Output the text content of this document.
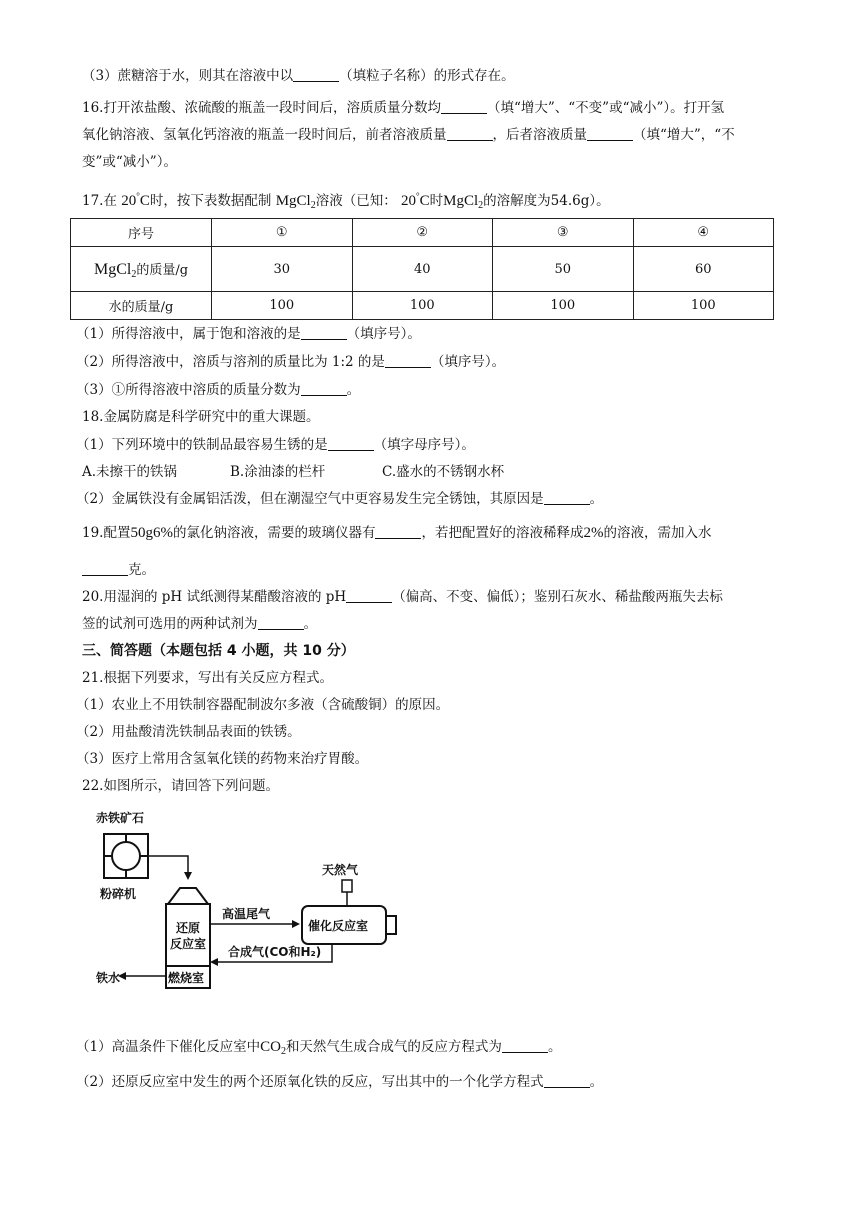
（3）蔗糖溶于水，则其在溶液中以	（填粒子名称）的形式存在。
16.打开浓盐酸、浓硫酸的瓶盖一段时间后，溶质质量分数均	（填“增大”、“不变”或“减小”）。打开氢
氧化钠溶液、氢氧化钙溶液的瓶盖一段时间后，前者溶液质量	，后者溶液质量	（填“增大”，“不
变”或“减小”）。
17.在 20°C时，按下表数据配制 MgCl$_2$溶液（已知： 20°C时MgCl$_2$的溶解度为54.6g）。
序号	①	②	③	④
MgCl$_2$的质量/g	30	40	50	60
水的质量/g	100	100	100	100
（1）所得溶液中，属于饱和溶液的是	（填序号）。
（2）所得溶液中，溶质与溶剂的质量比为 1:2 的是	（填序号）。
（3）①所得溶液中溶质的质量分数为	。
18.金属防腐是科学研究中的重大课题。
（1）下列环境中的铁制品最容易生锈的是	（填字母序号）。
A.未擦干的铁锅	B.涂油漆的栏杆	C.盛水的不锈钢水杯
（2）金属铁没有金属铝活泼，但在潮湿空气中更容易发生完全锈蚀，其原因是	。
19.配置50g6%的氯化钠溶液，需要的玻璃仪器有	，若把配置好的溶液稀释成2%的溶液，需加入水
克。
20.用湿润的 pH 试纸测得某醋酸溶液的 pH	（偏高、不变、偏低）；鉴别石灰水、稀盐酸两瓶失去标
签的试剂可选用的两种试剂为	。
三、简答题（本题包括 4 小题，共 10 分）
21.根据下列要求，写出有关反应方程式。
（1）农业上不用铁制容器配制波尔多液（含硫酸铜）的原因。
（2）用盐酸清洗铁制品表面的铁锈。
（3）医疗上常用含氢氧化镁的药物来治疗胃酸。
22.如图所示，请回答下列问题。
赤铁矿石
粉碎机
还原
反应室
燃烧室
铁水
高温尾气
催化反应室
天然气
合成气(CO和H₂)
（1）高温条件下催化反应室中$CO_2$和天然气生成合成气的反应方程式为	。
（2）还原反应室中发生的两个还原氧化铁的反应，写出其中的一个化学方程式	。
